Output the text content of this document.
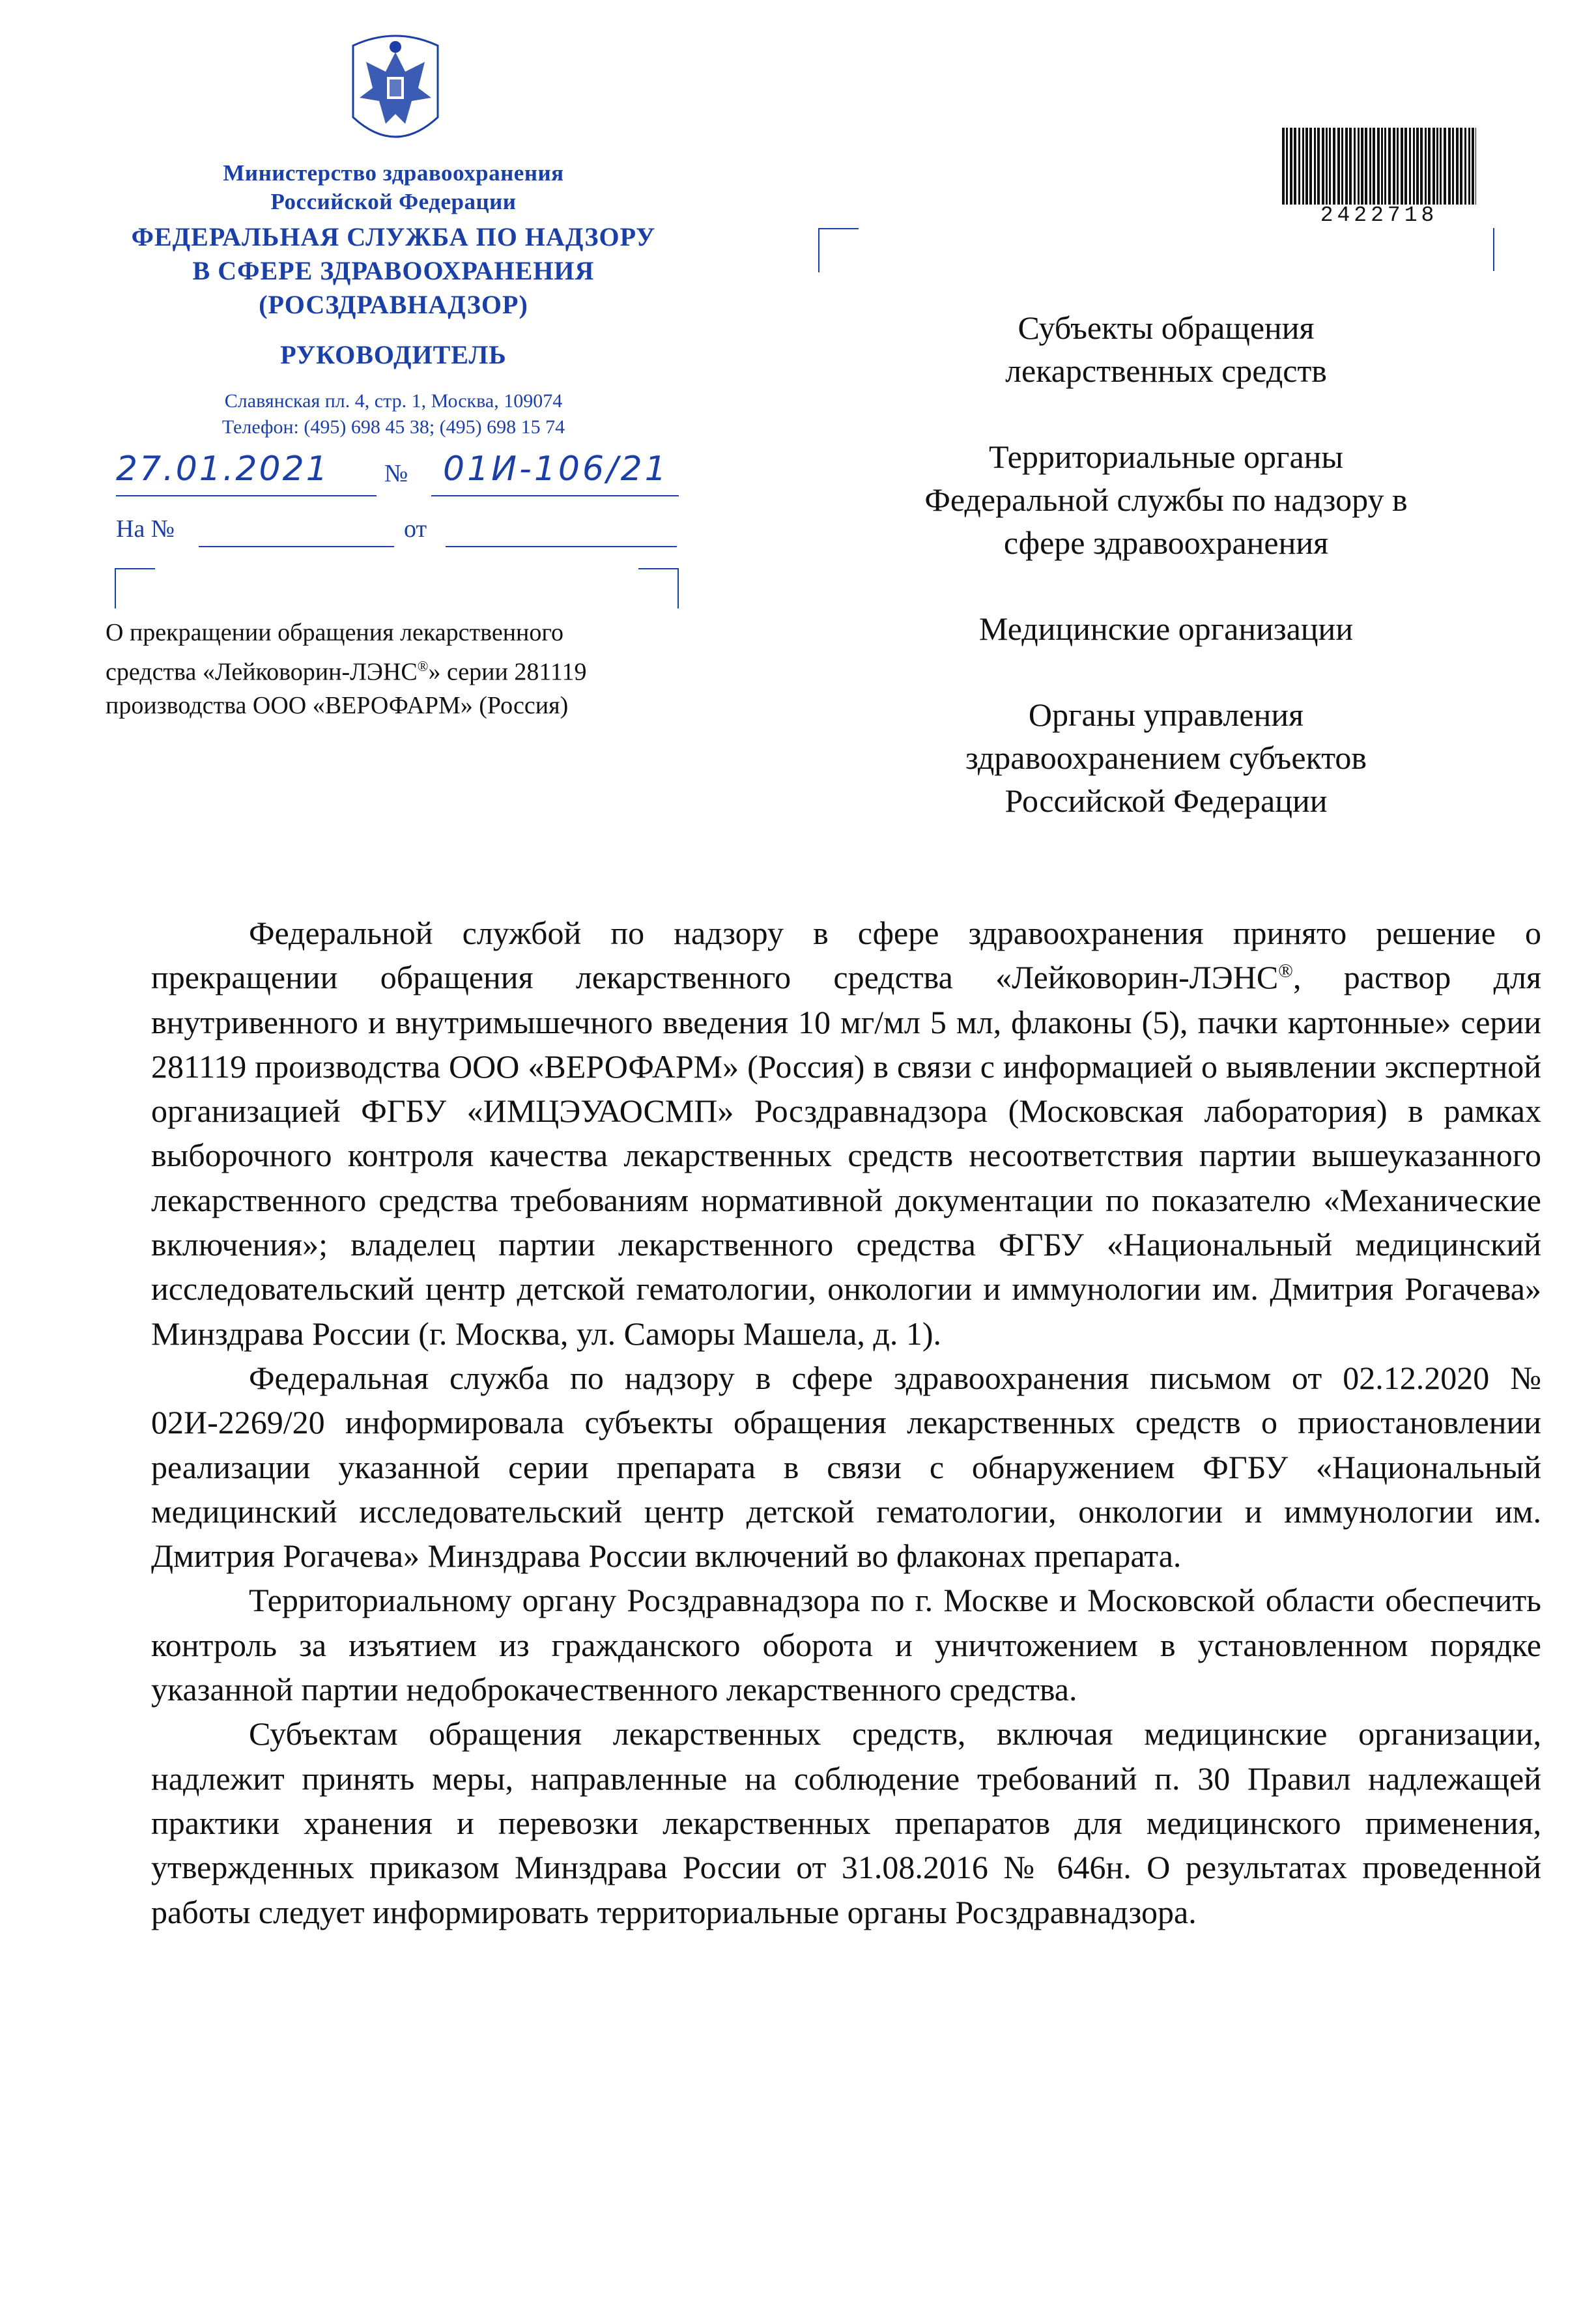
Министерство здравоохранения
Российской Федерации
ФЕДЕРАЛЬНАЯ СЛУЖБА ПО НАДЗОРУ
В СФЕРЕ ЗДРАВООХРАНЕНИЯ
(РОСЗДРАВНАДЗОР)
РУКОВОДИТЕЛЬ
Славянская пл. 4, стр. 1, Москва, 109074
Телефон: (495) 698 45 38; (495) 698 15 74
27.01.2021	№ 01И-106/21
На №	от
О прекращении обращения лекарственного
средства «Лейковорин-ЛЭНС®» серии 281119
производства ООО «ВЕРОФАРМ» (Россия)
2422718
Субъекты обращения
лекарственных средств
Территориальные органы
Федеральной службы по надзору в
сфере здравоохранения
Медицинские организации
Органы управления
здравоохранением субъектов
Российской Федерации

Федеральной службой по надзору в сфере здравоохранения принято решение о прекращении обращения лекарственного средства «Лейковорин-ЛЭНС®, раствор для внутривенного и внутримышечного введения 10 мг/мл 5 мл, флаконы (5), пачки картонные» серии 281119 производства ООО «ВЕРОФАРМ» (Россия) в связи с информацией о выявлении экспертной организацией ФГБУ «ИМЦЭУАОСМП» Росздравнадзора (Московская лаборатория) в рамках выборочного контроля качества лекарственных средств несоответствия партии вышеуказанного лекарственного средства требованиям нормативной документации по показателю «Механические включения»; владелец партии лекарственного средства ФГБУ «Национальный медицинский исследовательский центр детской гематологии, онкологии и иммунологии им. Дмитрия Рогачева» Минздрава России (г. Москва, ул. Саморы Машела, д. 1).

Федеральная служба по надзору в сфере здравоохранения письмом от 02.12.2020 № 02И-2269/20 информировала субъекты обращения лекарственных средств о приостановлении реализации указанной серии препарата в связи с обнаружением ФГБУ «Национальный медицинский исследовательский центр детской гематологии, онкологии и иммунологии им. Дмитрия Рогачева» Минздрава России включений во флаконах препарата.

Территориальному органу Росздравнадзора по г. Москве и Московской области обеспечить контроль за изъятием из гражданского оборота и уничтожением в установленном порядке указанной партии недоброкачественного лекарственного средства.

Субъектам обращения лекарственных средств, включая медицинские организации, надлежит принять меры, направленные на соблюдение требований п. 30 Правил надлежащей практики хранения и перевозки лекарственных препаратов для медицинского применения, утвержденных приказом Минздрава России от 31.08.2016 № 646н. О результатах проведенной работы следует информировать территориальные органы Росздравнадзора.
